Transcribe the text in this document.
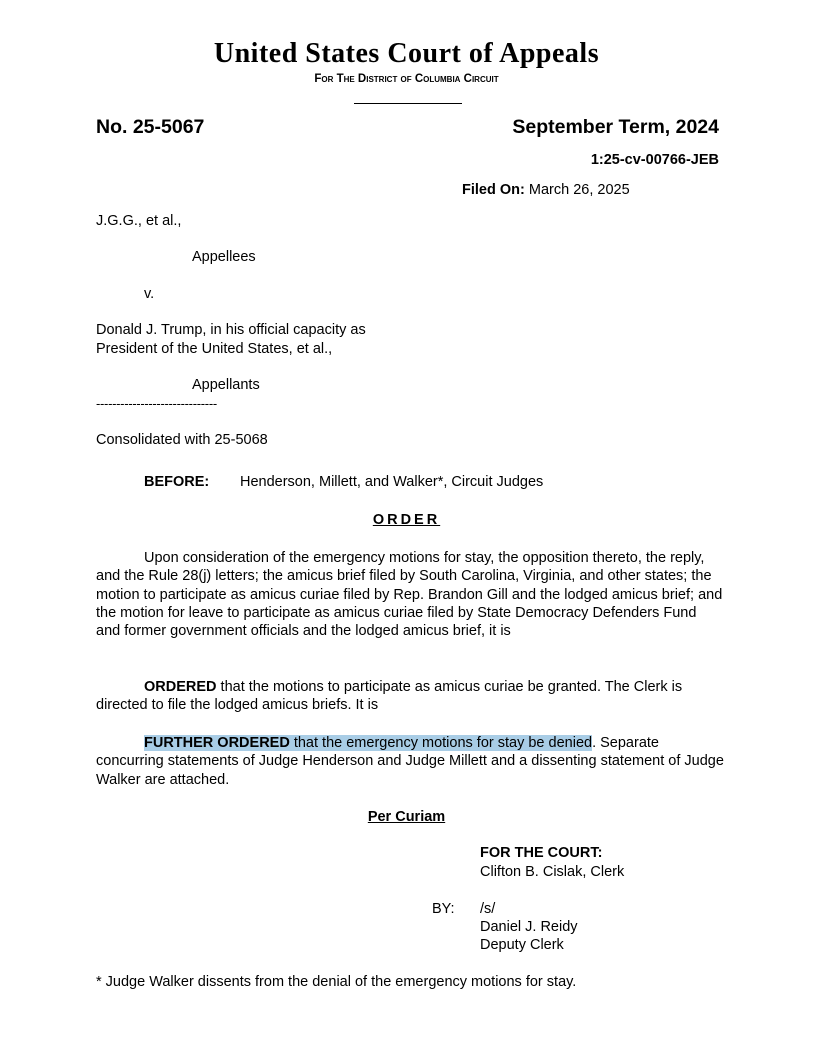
United States Court of Appeals
For The District of Columbia Circuit
No. 25-5067	September Term, 2024
1:25-cv-00766-JEB
Filed On: March 26, 2025
J.G.G., et al.,
Appellees
v.
Donald J. Trump, in his official capacity as
President of the United States, et al.,
Appellants
------------------------------
Consolidated with 25-5068
BEFORE: Henderson, Millett, and Walker*, Circuit Judges
ORDER
Upon consideration of the emergency motions for stay, the opposition thereto, the reply, and the Rule 28(j) letters; the amicus brief filed by South Carolina, Virginia, and other states; the motion to participate as amicus curiae filed by Rep. Brandon Gill and the lodged amicus brief; and the motion for leave to participate as amicus curiae filed by State Democracy Defenders Fund and former government officials and the lodged amicus brief, it is
ORDERED that the motions to participate as amicus curiae be granted. The Clerk is directed to file the lodged amicus briefs. It is
FURTHER ORDERED that the emergency motions for stay be denied. Separate concurring statements of Judge Henderson and Judge Millett and a dissenting statement of Judge Walker are attached.
Per Curiam
FOR THE COURT:
Clifton B. Cislak, Clerk
BY: /s/
Daniel J. Reidy
Deputy Clerk
* Judge Walker dissents from the denial of the emergency motions for stay.
